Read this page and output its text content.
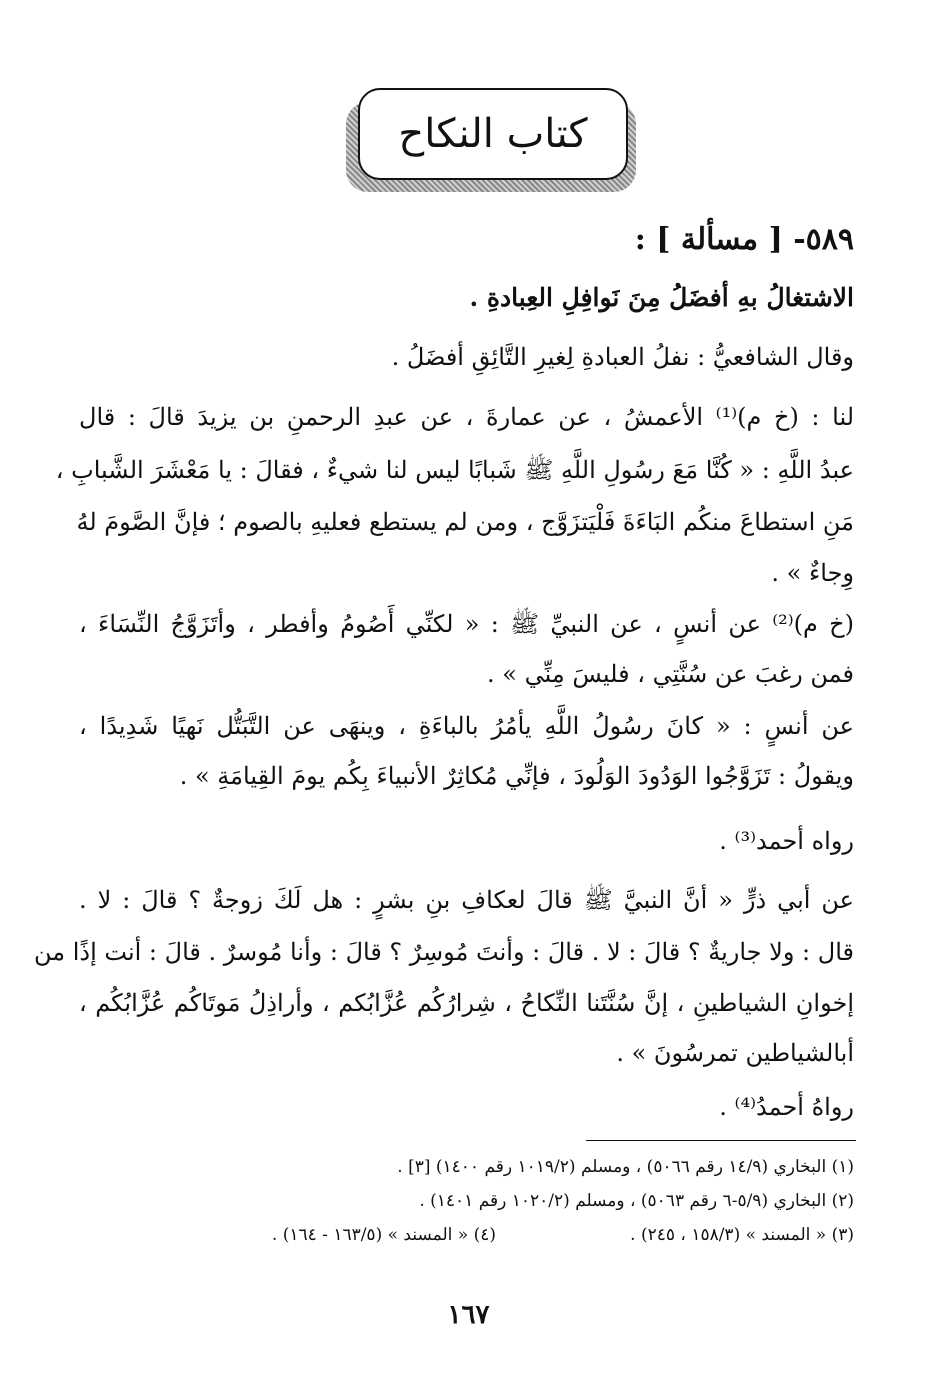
كتاب النكاح
٥٨٩- [ مسألة ] :
الاشتغالُ بهِ أفضَلُ مِنَ نَوافِلِ العِبادةِ .
وقال الشافعيُّ : نفلُ العبادةِ لِغيرِ التَّائِقِ أفضَلُ .
لنا : (خ م)⁽¹⁾ الأعمشُ ، عن عمارةَ ، عن عبدِ الرحمنِ بن يزيدَ قالَ : قال
عبدُ اللَّهِ : « كُنَّا مَعَ رسُولِ اللَّهِ ﷺ شَبابًا ليس لنا شيءٌ ، فقالَ : يا مَعْشَرَ الشَّبابِ ،
مَنِ استطاعَ منكُم البَاءَةَ فَلْيَتزَوَّج ، ومن لم يستطع فعليهِ بالصوم ؛ فإنَّ الصَّومَ لهُ
وِجاءٌ » .
(خ م)⁽²⁾ عن أنسٍ ، عن النبيِّ ﷺ : « لكنِّي أَصُومُ وأفطر ، وأتَزَوَّجُ النِّسَاءَ ،
فمن رغبَ عن سُنَّتِي ، فليسَ مِنِّي » .
عن أنسٍ : « كانَ رسُولُ اللَّهِ يأمُرُ بالباءَةِ ، وينهَى عن التَّبَتُّل نَهيًا شَدِيدًا ،
ويقولُ : تَزَوَّجُوا الوَدُودَ الوَلُودَ ، فإنِّي مُكاثِرٌ الأنبياءَ بِكُم يومَ القِيامَةِ » .
رواه أحمد⁽³⁾ .
عن أبي ذرٍّ « أنَّ النبيَّ ﷺ قالَ لعكافِ بنِ بشرٍ : هل لَكَ زوجةٌ ؟ قالَ : لا .
قال : ولا جاريةٌ ؟ قالَ : لا . قالَ : وأنتَ مُوسِرٌ ؟ قالَ : وأنا مُوسرٌ . قالَ : أنت إذًا من
إخوانِ الشياطينِ ، إنَّ سُنَّتَنا النِّكاحُ ، شِرارُكُم عُزَّابُكم ، وأراذِلُ مَوتَاكُم عُزَّابُكُم ،
أبالشياطين تمرسُونَ » .
رواهُ أحمدُ⁽⁴⁾ .
(١) البخاري (١٤/٩ رقم ٥٠٦٦) ، ومسلم (١٠١٩/٢ رقم ١٤٠٠) [٣] .
(٢) البخاري (٥/٩-٦ رقم ٥٠٦٣) ، ومسلم (١٠٢٠/٢ رقم ١٤٠١) .
(٣) « المسند » (١٥٨/٣ ، ٢٤٥) .
(٤) « المسند » (١٦٣/٥ - ١٦٤) .
١٦٧
